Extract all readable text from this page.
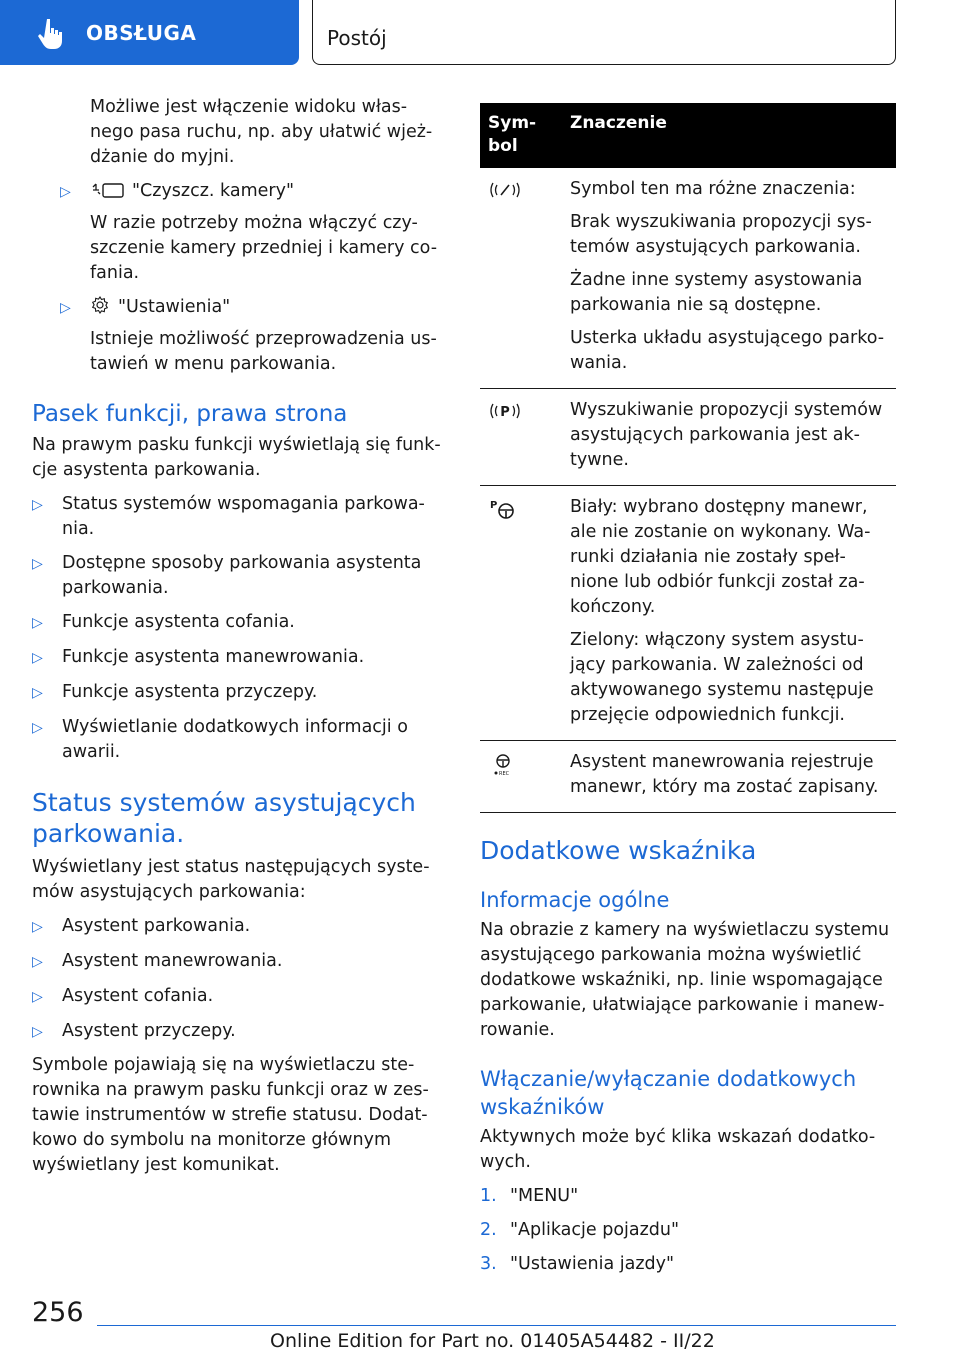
OBSŁUGA	Postój

Możliwe jest włączenie widoku włas-nego pasa ruchu, np. aby ułatwić wjeż-dżanie do myjni.

▷	"Czyszcz. kamery"

W razie potrzeby można włączyć czy-szczenie kamery przedniej i kamery co-fania.

▷	"Ustawienia"

Istnieje możliwość przeprowadzenia us-tawień w menu parkowania.

Pasek funkcji, prawa strona

Na prawym pasku funkcji wyświetlają się funk-cje asystenta parkowania.

▷	Status systemów wspomagania parkowa-nia.
▷	Dostępne sposoby parkowania asystenta parkowania.
▷	Funkcje asystenta cofania.
▷	Funkcje asystenta manewrowania.
▷	Funkcje asystenta przyczepy.
▷	Wyświetlanie dodatkowych informacji o awarii.
Status systemów asystujących parkowania.

Wyświetlany jest status następujących syste-mów asystujących parkowania:

▷	Asystent parkowania.
▷	Asystent manewrowania.
▷	Asystent cofania.
▷	Asystent przyczepy.

Symbole pojawiają się na wyświetlaczu ste-rownika na prawym pasku funkcji oraz w zes-tawie instrumentów w strefie statusu. Dodat-kowo do symbolu na monitorze głównym wyświetlany jest komunikat.

Sym-bol	Znaczenie

Symbol ten ma różne znaczenia:

Brak wyszukiwania propozycji sys-temów asystujących parkowania.

Żadne inne systemy asystowania parkowania nie są dostępne.

Usterka układu asystującego parko-wania.

P	Wyszukiwanie propozycji systemów asystujących parkowania jest ak-tywne.

P	Biały: wybrano dostępny manewr, ale nie zostanie on wykonany. Wa-runki działania nie zostały speł-nione lub odbiór funkcji został za-kończony.

Zielony: włączony system asystu-jący parkowania. W zależności od aktywowanego systemu następuje przejęcie odpowiednich funkcji.

REC	Asystent manewrowania rejestruje manewr, który ma zostać zapisany.

Dodatkowe wskaźnika
Informacje ogólne

Na obrazie z kamery na wyświetlaczu systemu asystującego parkowania można wyświetlić dodatkowe wskaźniki, np. linie wspomagające parkowanie, ułatwiające parkowanie i manew-rowanie.

Włączanie/wyłączanie dodatkowych wskaźników

Aktywnych może być klika wskazań dodatko-wych.

1. "MENU"
2. "Aplikacje pojazdu"
3. "Ustawienia jazdy"
256
Online Edition for Part no. 01405A54482 - II/22
